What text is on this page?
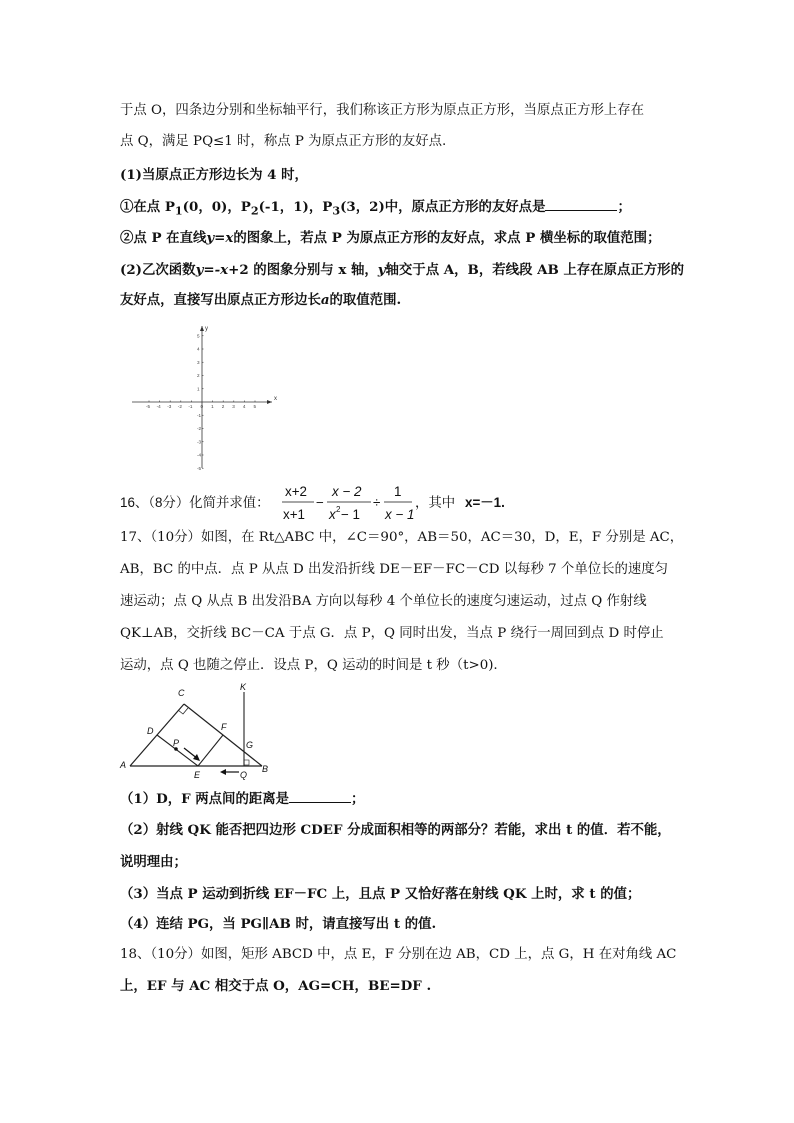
于点 O，四条边分别和坐标轴平行，我们称该正方形为原点正方形，当原点正方形上存在
点 Q，满足 PQ≤1 时，称点 P 为原点正方形的友好点.
(1)当原点正方形边长为 4 时，
①在点 $P_1(0$，0)，$P_2(-1$，1)，$P_3(3$，2)中，原点正方形的友好点是	；
②点 P 在直线y=x的图象上，若点 P 为原点正方形的友好点，求点 P 横坐标的取值范围；
(2)乙次函数y=-x+2 的图象分别与 x 轴，y轴交于点 A，B，若线段 AB 上存在原点正方形的
友好点，直接写出原点正方形边长a的取值范围.
x
y
-5 -4 -3 -2 -1 0 1 2 3 4 5
5
4
3
2
1
-1
-2
-3
-4
-5
16、（8分）化简并求值：
x+2
x+1
−
x − 2
x 2 − 1
÷
1
x − 1
，其中 x=－1.
17、（10分）如图，在 Rt△ABC 中，∠C＝90°，AB＝50，AC＝30，D，E，F 分别是 AC，
AB，BC 的中点．点 P 从点 D 出发沿折线 DE－EF－FC－CD 以每秒 7 个单位长的速度匀
速运动；点 Q 从点 B 出发沿BA 方向以每秒 4 个单位长的速度匀速运动，过点 Q 作射线
QK⊥AB，交折线 BC－CA 于点 G．点 P，Q 同时出发，当点 P 绕行一周回到点 D 时停止
运动，点 Q 也随之停止．设点 P，Q 运动的时间是 t 秒（t>0).
A	B
C
D
E
F
G
K
P
Q
（1）D，F 两点间的距离是	；
（2）射线 QK 能否把四边形 CDEF 分成面积相等的两部分？若能，求出 t 的值．若不能，
说明理由；
（3）当点 P 运动到折线 EF－FC 上，且点 P 又恰好落在射线 QK 上时，求 t 的值；
（4）连结 PG，当 PG∥AB 时，请直接写出 t 的值.
18、（10分）如图，矩形 ABCD 中，点 E，F 分别在边 AB，CD 上，点 G，H 在对角线 AC
上，EF 与 AC 相交于点 O，AG=CH，BE=DF .
